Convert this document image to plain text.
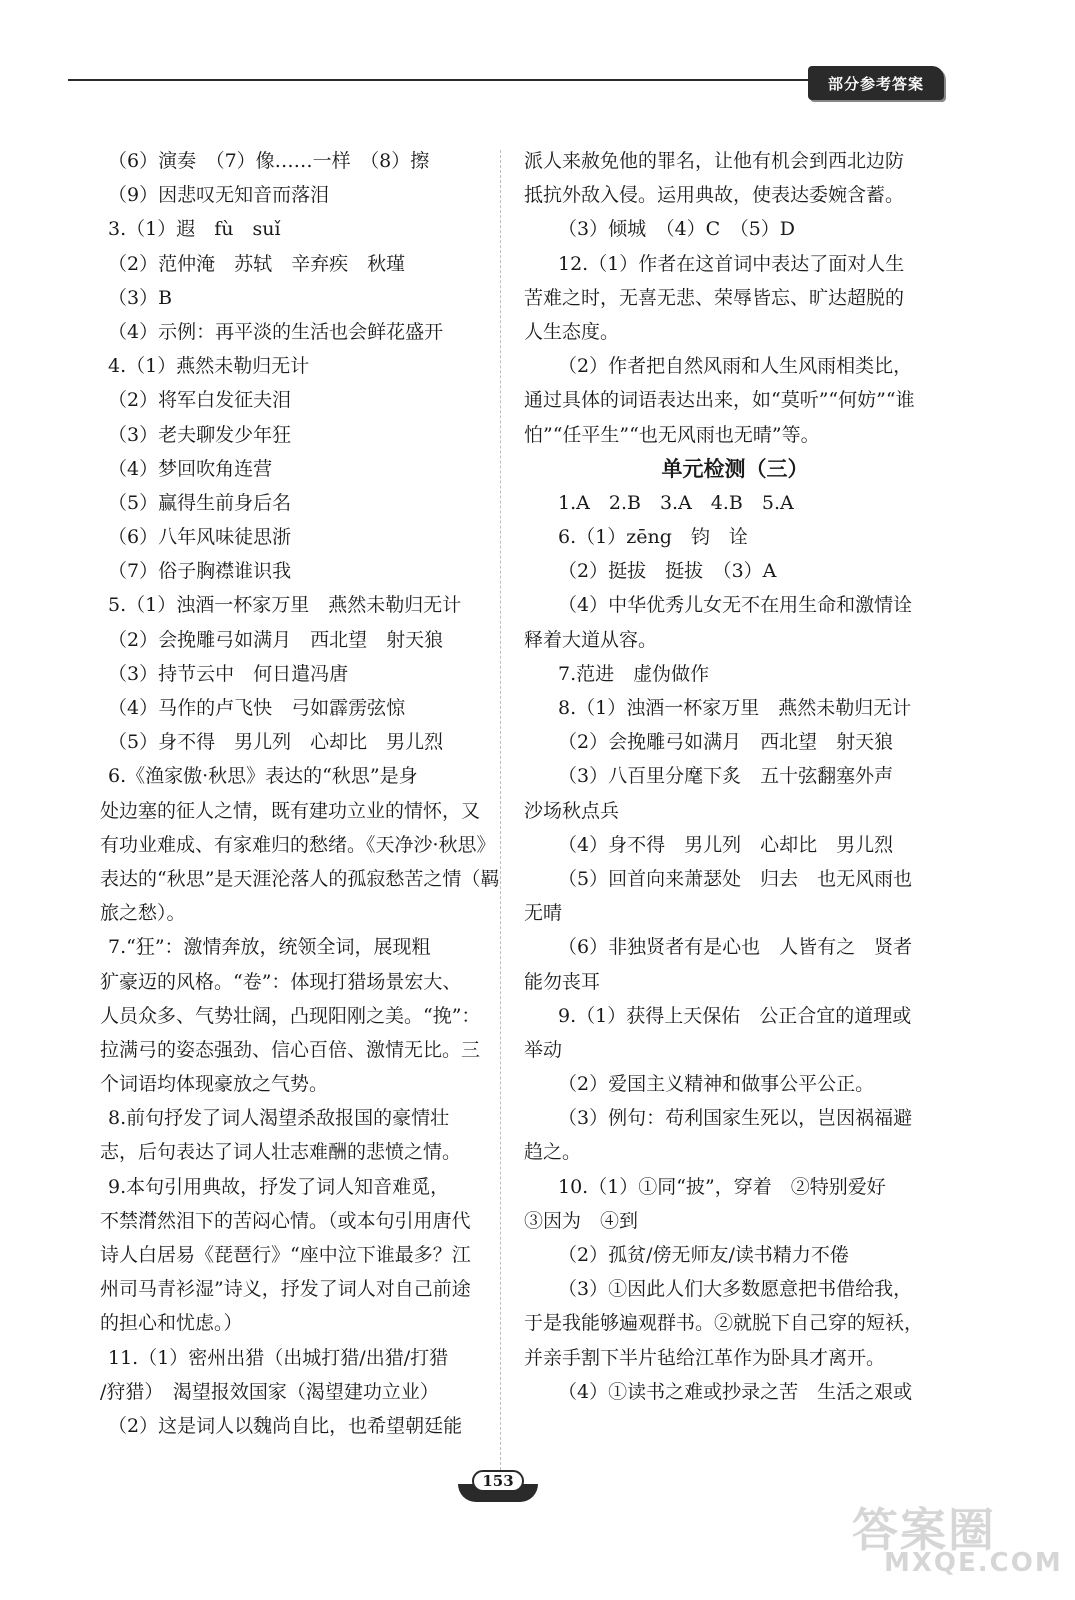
部分参考答案
（6）演奏　（7）像……一样　（8）擦
（9）因悲叹无知音而落泪
3.（1）遐　fù　suǐ
（2）范仲淹　苏轼　辛弃疾　秋瑾
（3）B
（4）示例：再平淡的生活也会鲜花盛开
4.（1）燕然未勒归无计
（2）将军白发征夫泪
（3）老夫聊发少年狂
（4）梦回吹角连营
（5）赢得生前身后名
（6）八年风味徒思浙
（7）俗子胸襟谁识我
5.（1）浊酒一杯家万里　燕然未勒归无计
（2）会挽雕弓如满月　西北望　射天狼
（3）持节云中　何日遣冯唐
（4）马作的卢飞快　弓如霹雳弦惊
（5）身不得　男儿列　心却比　男儿烈
6.《渔家傲·秋思》表达的“秋思”是身
处边塞的征人之情，既有建功立业的情怀，又
有功业难成、有家难归的愁绪。《天净沙·秋思》
表达的“秋思”是天涯沦落人的孤寂愁苦之情（羁
旅之愁）。
7.“狂”：激情奔放，统领全词，展现粗
犷豪迈的风格。“卷”：体现打猎场景宏大、
人员众多、气势壮阔，凸现阳刚之美。“挽”：
拉满弓的姿态强劲、信心百倍、激情无比。三
个词语均体现豪放之气势。
8.前句抒发了词人渴望杀敌报国的豪情壮
志，后句表达了词人壮志难酬的悲愤之情。
9.本句引用典故，抒发了词人知音难觅，
不禁潸然泪下的苦闷心情。（或本句引用唐代
诗人白居易《琵琶行》“座中泣下谁最多？江
州司马青衫湿”诗义，抒发了词人对自己前途
的担心和忧虑。）
11.（1）密州出猎（出城打猎/出猎/打猎
/狩猎）　渴望报效国家（渴望建功立业）
（2）这是词人以魏尚自比，也希望朝廷能
派人来赦免他的罪名，让他有机会到西北边防
抵抗外敌入侵。运用典故，使表达委婉含蓄。
（3）倾城　（4）C　（5）D
12.（1）作者在这首词中表达了面对人生
苦难之时，无喜无悲、荣辱皆忘、旷达超脱的
人生态度。
（2）作者把自然风雨和人生风雨相类比，
通过具体的词语表达出来，如“莫听”“何妨”“谁
怕”“任平生”“也无风雨也无晴”等。
单元检测（三）
1.A　2.B　3.A　4.B　5.A
6.（1）zēng　钧　诠
（2）挺拔　挺拔　（3）A
（4）中华优秀儿女无不在用生命和激情诠
释着大道从容。
7.范进　虚伪做作
8.（1）浊酒一杯家万里　燕然未勒归无计
（2）会挽雕弓如满月　西北望　射天狼
（3）八百里分麾下炙　五十弦翻塞外声
沙场秋点兵
（4）身不得　男儿列　心却比　男儿烈
（5）回首向来萧瑟处　归去　也无风雨也
无晴
（6）非独贤者有是心也　人皆有之　贤者
能勿丧耳
9.（1）获得上天保佑　公正合宜的道理或
举动
（2）爱国主义精神和做事公平公正。
（3）例句：苟利国家生死以，岂因祸福避
趋之。
10.（1）①同“披”，穿着　②特别爱好
③因为　④到
（2）孤贫/傍无师友/读书精力不倦
（3）①因此人们大多数愿意把书借给我，
于是我能够遍观群书。②就脱下自己穿的短袄，
并亲手割下半片毡给江革作为卧具才离开。
（4）①读书之难或抄录之苦　生活之艰或
153
答案圈
MXQE.COM
